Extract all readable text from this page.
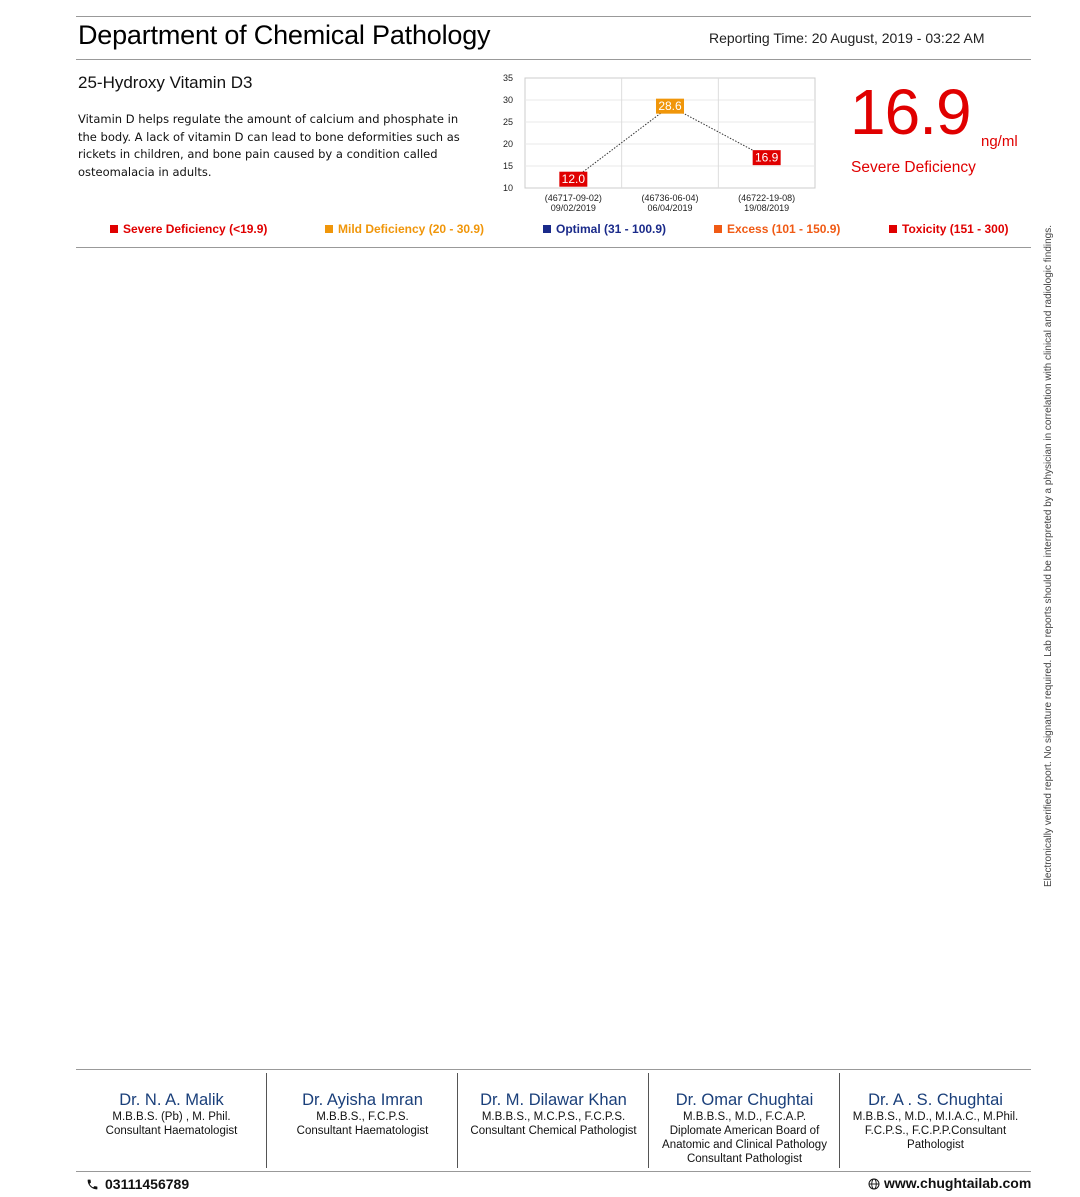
Department of Chemical Pathology	Reporting Time: 20 August, 2019 - 03:22 AM
25-Hydroxy Vitamin D3
Vitamin D helps regulate the amount of calcium and phosphate in the body. A lack of vitamin D can lead to bone deformities such as rickets in children, and bone pain caused by a condition called osteomalacia in adults.
10
15
20
25
30
35
12.0
(46717-09-02)
09/02/2019
28.6
(46736-06-04)
06/04/2019
16.9
(46722-19-08)
19/08/2019
16.9 ng/ml
Severe Deficiency
Severe Deficiency (<19.9)	Mild Deficiency (20 - 30.9)	Optimal (31 - 100.9)	Excess (101 - 150.9)	Toxicity (151 - 300)	Electronically verified report. No signature required. Lab reports should be interpreted by a physician in correlation with clinical and radiologic findings.
Dr. N. A. Malik
M.B.B.S. (Pb) , M. Phil.
Consultant Haematologist
Dr. Ayisha Imran
M.B.B.S., F.C.P.S.
Consultant Haematologist
Dr. M. Dilawar Khan
M.B.B.S., M.C.P.S., F.C.P.S.
Consultant Chemical Pathologist
Dr. Omar Chughtai
M.B.B.S., M.D., F.C.A.P.
Diplomate American Board of
Anatomic and Clinical Pathology
Consultant Pathologist
Dr. A . S. Chughtai
M.B.B.S., M.D., M.I.A.C., M.Phil.
F.C.P.S., F.C.P.P.Consultant
Pathologist
03111456789	www.chughtailab.com
